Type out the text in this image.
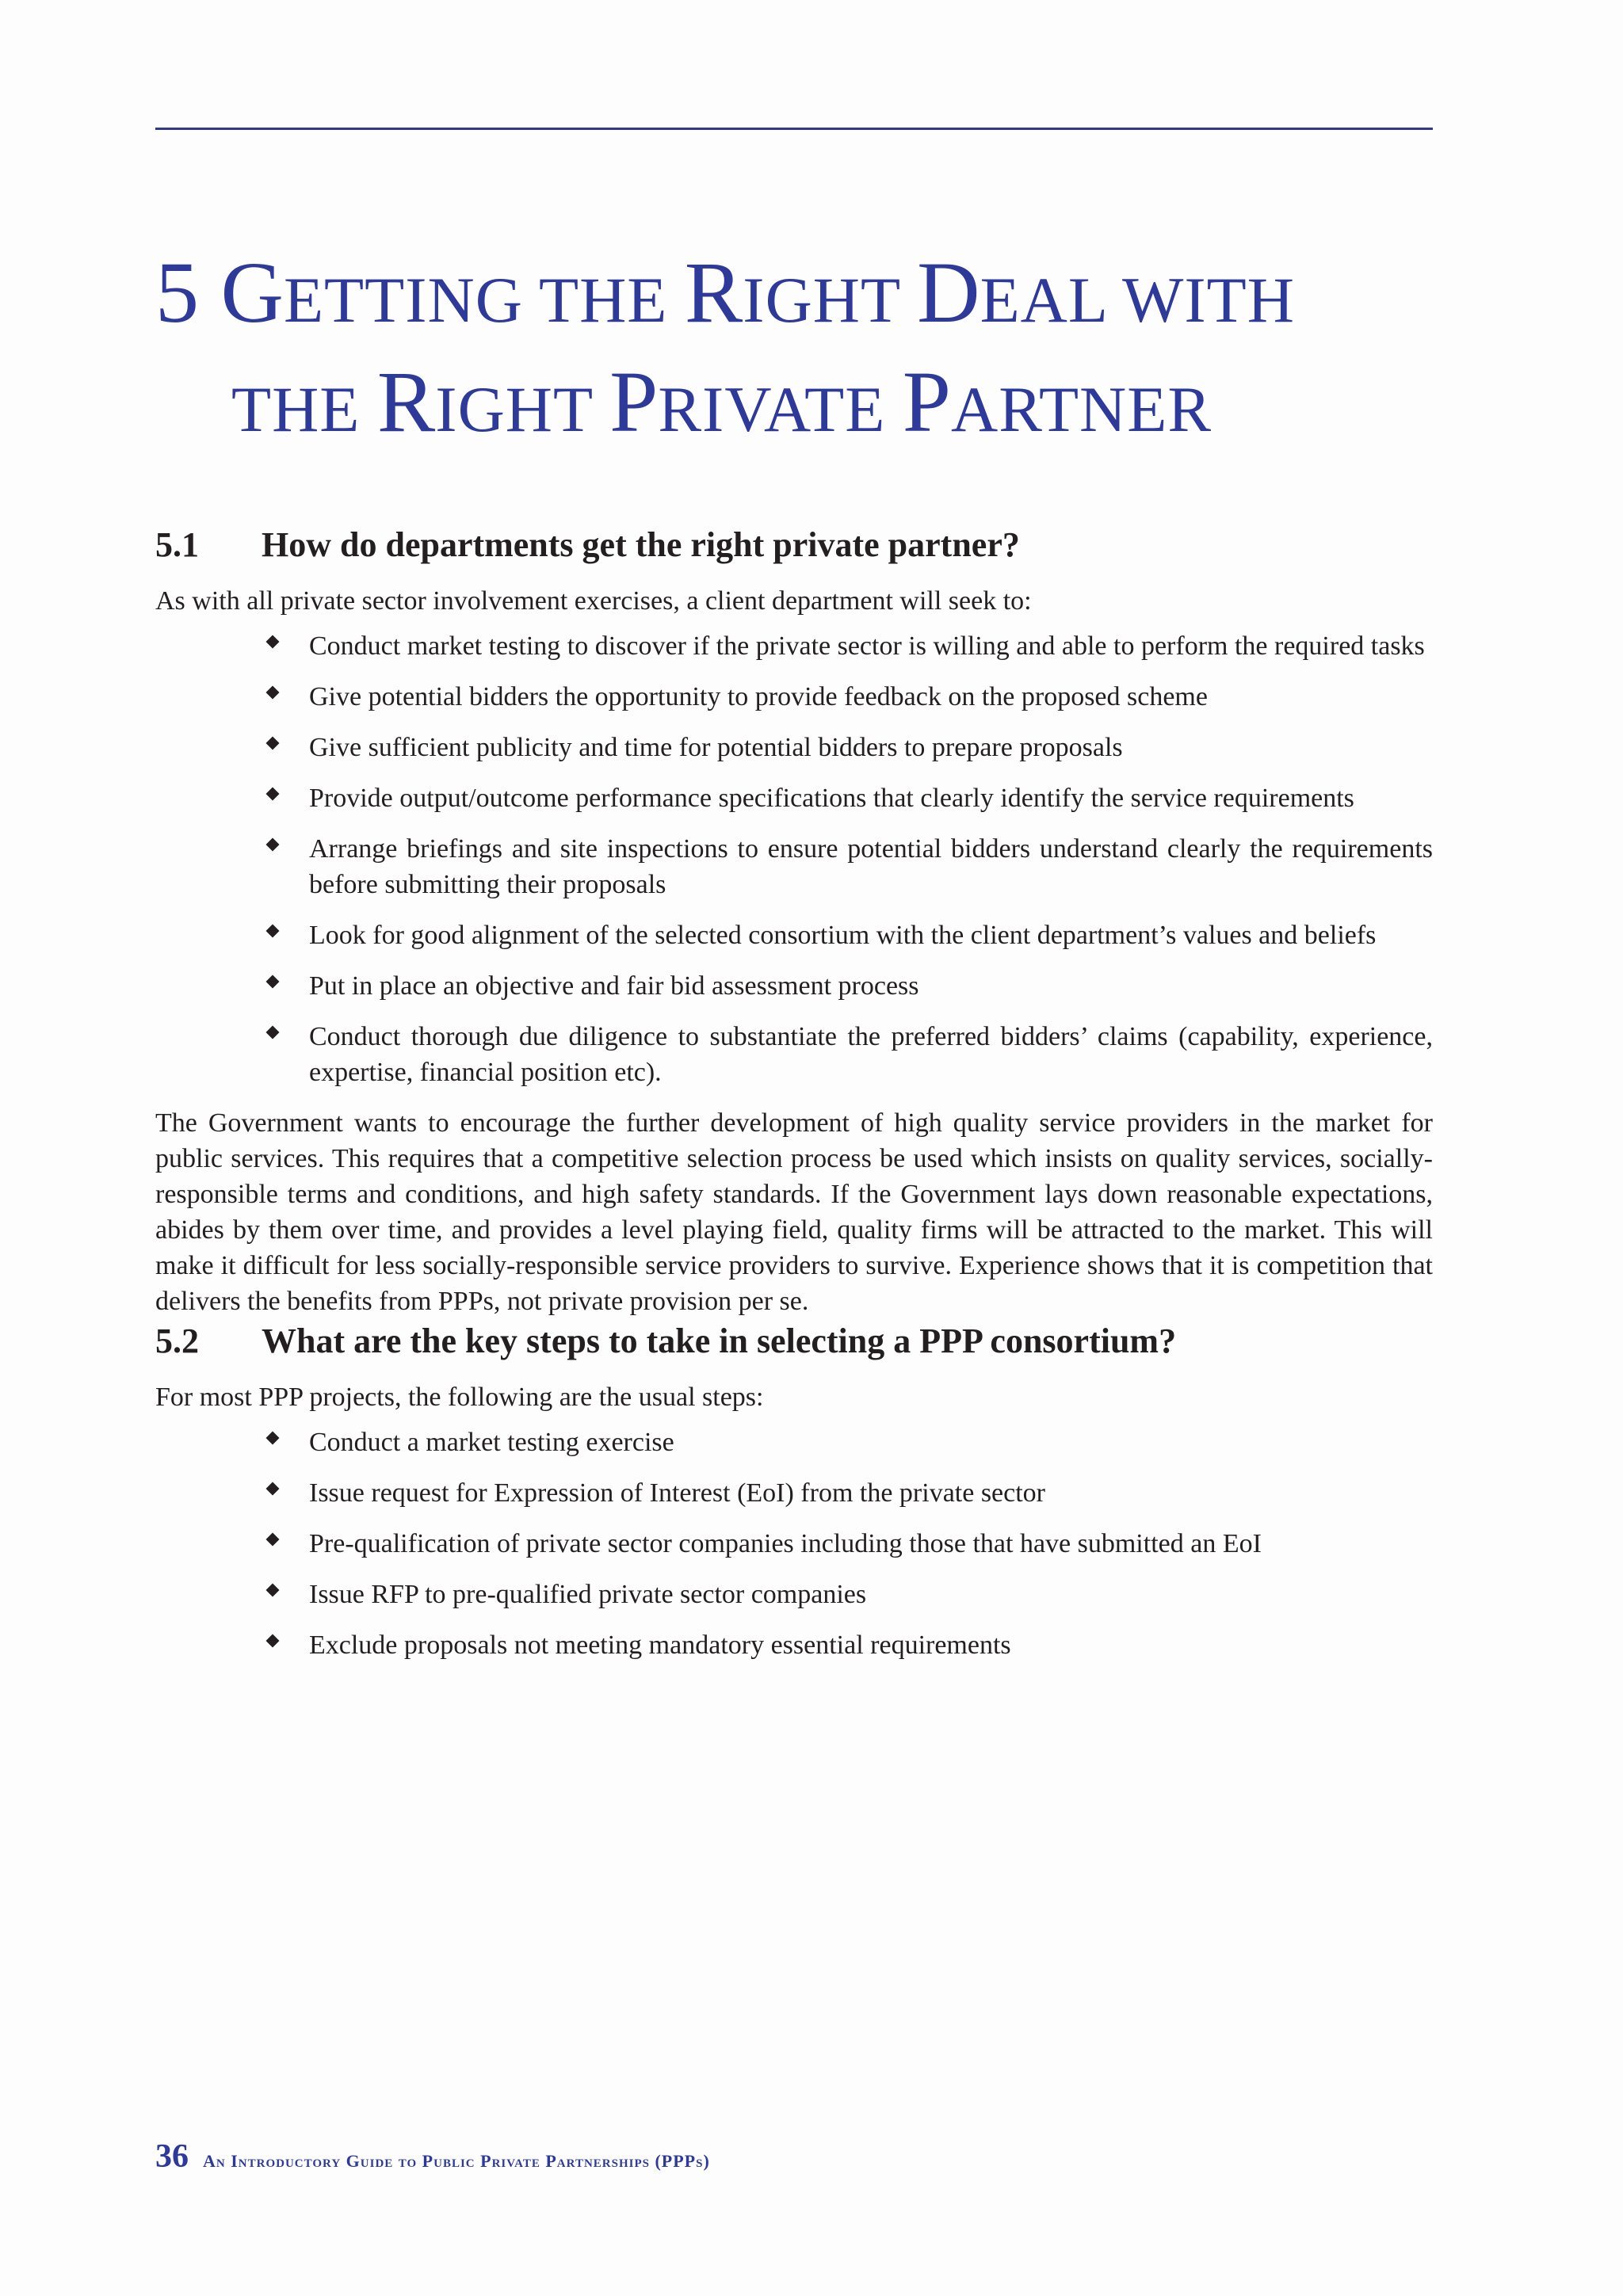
5 GETTING THE RIGHT DEAL WITH
THE RIGHT PRIVATE PARTNER
5.1 How do departments get the right private partner?

As with all private sector involvement exercises, a client department will seek to:

Conduct market testing to discover if the private sector is willing and able to perform the required tasks
Give potential bidders the opportunity to provide feedback on the proposed scheme
Give sufficient publicity and time for potential bidders to prepare proposals
Provide output/outcome performance specifications that clearly identify the service requirements
Arrange briefings and site inspections to ensure potential bidders understand clearly the requirements before submitting their proposals
Look for good alignment of the selected consortium with the client department’s values and beliefs
Put in place an objective and fair bid assessment process
Conduct thorough due diligence to substantiate the preferred bidders’ claims (capability, experience, expertise, financial position etc).

The Government wants to encourage the further development of high quality service providers in the market for public services. This requires that a competitive selection process be used which insists on quality services, socially-responsible terms and conditions, and high safety standards. If the Government lays down reasonable expectations, abides by them over time, and provides a level playing field, quality firms will be attracted to the market. This will make it difficult for less socially-responsible service providers to survive. Experience shows that it is competition that delivers the benefits from PPPs, not private provision per se.

5.2 What are the key steps to take in selecting a PPP consortium?

For most PPP projects, the following are the usual steps:

Conduct a market testing exercise
Issue request for Expression of Interest (EoI) from the private sector
Pre-qualification of private sector companies including those that have submitted an EoI
Issue RFP to pre-qualified private sector companies
Exclude proposals not meeting mandatory essential requirements
36 An Introductory Guide to Public Private Partnerships (PPPs)
